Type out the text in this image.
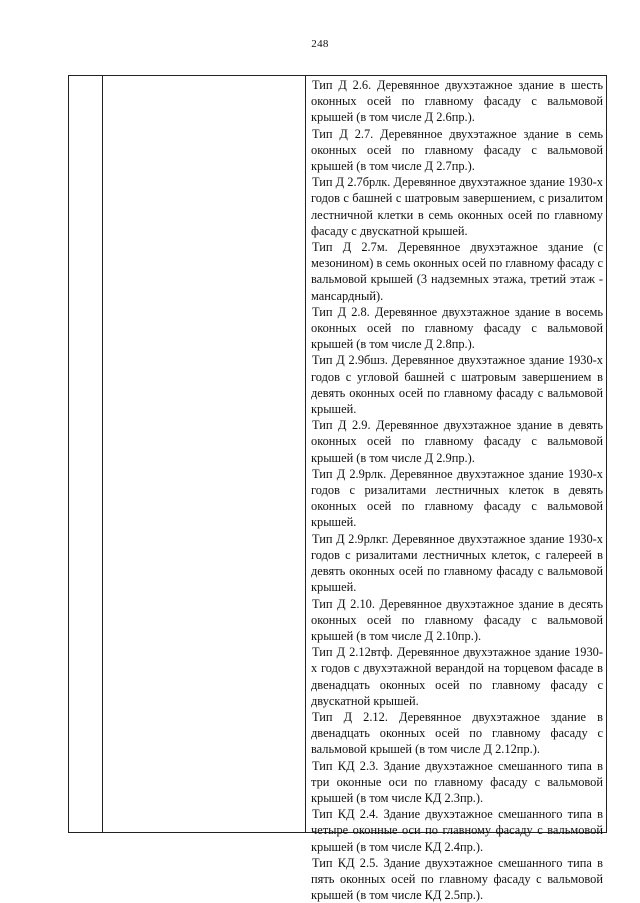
248

Тип Д 2.6. Деревянное двухэтажное здание в шесть оконных осей по главному фасаду с вальмовой крышей (в том числе Д 2.6пр.).

Тип Д 2.7. Деревянное двухэтажное здание в семь оконных осей по главному фасаду с вальмовой крышей (в том числе Д 2.7пр.).

Тип Д 2.7брлк. Деревянное двухэтажное здание 1930-х годов с башней с шатровым завершением, с ризалитом лестничной клетки в семь оконных осей по главному фасаду с двускатной крышей.

Тип Д 2.7м. Деревянное двухэтажное здание (с мезонином) в семь оконных осей по главному фасаду с вальмовой крышей (3 надземных этажа, третий этаж - мансардный).

Тип Д 2.8. Деревянное двухэтажное здание в восемь оконных осей по главному фасаду с вальмовой крышей (в том числе Д 2.8пр.).

Тип Д 2.9бшз. Деревянное двухэтажное здание 1930-х годов с угловой башней с шатровым завершением в девять оконных осей по главному фасаду с вальмовой крышей.

Тип Д 2.9. Деревянное двухэтажное здание в девять оконных осей по главному фасаду с вальмовой крышей (в том числе Д 2.9пр.).

Тип Д 2.9рлк. Деревянное двухэтажное здание 1930-х годов с ризалитами лестничных клеток в девять оконных осей по главному фасаду с вальмовой крышей.

Тип Д 2.9рлкг. Деревянное двухэтажное здание 1930-х годов с ризалитами лестничных клеток, с галереей в девять оконных осей по главному фасаду с вальмовой крышей.

Тип Д 2.10. Деревянное двухэтажное здание в десять оконных осей по главному фасаду с вальмовой крышей (в том числе Д 2.10пр.).

Тип Д 2.12втф. Деревянное двухэтажное здание 1930-х годов с двухэтажной верандой на торцевом фасаде в двенадцать оконных осей по главному фасаду с двускатной крышей.

Тип Д 2.12. Деревянное двухэтажное здание в двенадцать оконных осей по главному фасаду с вальмовой крышей (в том числе Д 2.12пр.).

Тип КД 2.3. Здание двухэтажное смешанного типа в три оконные оси по главному фасаду с вальмовой крышей (в том числе КД 2.3пр.).

Тип КД 2.4. Здание двухэтажное смешанного типа в четыре оконные оси по главному фасаду с вальмовой крышей (в том числе КД 2.4пр.).

Тип КД 2.5. Здание двухэтажное смешанного типа в пять оконных осей по главному фасаду с вальмовой крышей (в том числе КД 2.5пр.).
